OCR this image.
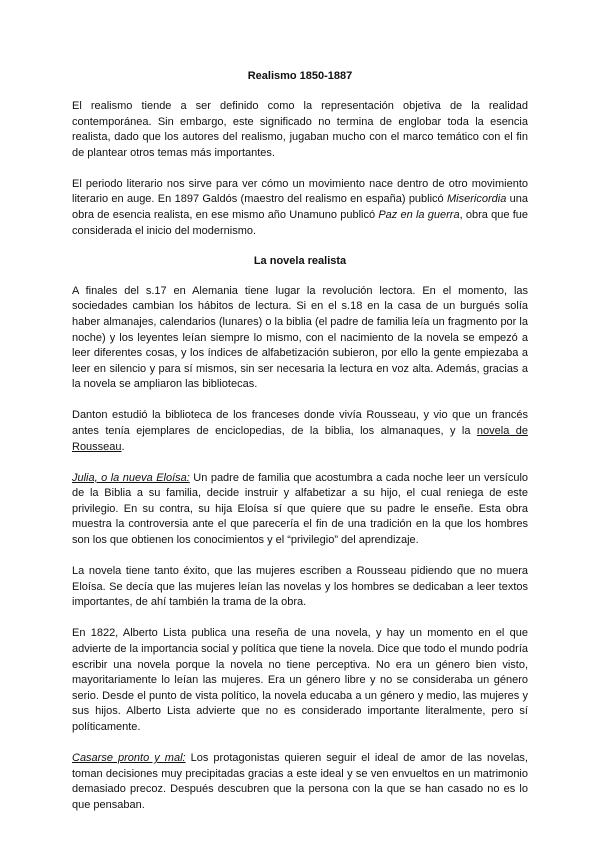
Realismo 1850-1887

El realismo tiende a ser definido como la representación objetiva de la realidad contemporánea. Sin embargo, este significado no termina de englobar toda la esencia realista, dado que los autores del realismo, jugaban mucho con el marco temático con el fin de plantear otros temas más importantes.

El periodo literario nos sirve para ver cómo un movimiento nace dentro de otro movimiento literario en auge. En 1897 Galdós (maestro del realismo en españa) publicó Misericordia una obra de esencia realista, en ese mismo año Unamuno publicó Paz en la guerra, obra que fue considerada el inicio del modernismo.

La novela realista

A finales del s.17 en Alemania tiene lugar la revolución lectora. En el momento, las sociedades cambian los hábitos de lectura. Si en el s.18 en la casa de un burgués solía haber almanajes, calendarios (lunares) o la biblia (el padre de familia leía un fragmento por la noche) y los leyentes leían siempre lo mismo, con el nacimiento de la novela se empezó a leer diferentes cosas, y los índices de alfabetización subieron, por ello la gente empiezaba a leer en silencio y para sí mismos, sin ser necesaria la lectura en voz alta. Además, gracias a la novela se ampliaron las bibliotecas.

Danton estudió la biblioteca de los franceses donde vivía Rousseau, y vio que un francés antes tenía ejemplares de enciclopedias, de la biblia, los almanaques, y la novela de Rousseau.

Julia, o la nueva Eloísa: Un padre de familia que acostumbra a cada noche leer un versículo de la Biblia a su familia, decide instruir y alfabetizar a su hijo, el cual reniega de este privilegio. En su contra, su hija Eloísa sí que quiere que su padre le enseñe. Esta obra muestra la controversia ante el que parecería el fin de una tradición en la que los hombres son los que obtienen los conocimientos y el “privilegio” del aprendizaje.

La novela tiene tanto éxito, que las mujeres escriben a Rousseau pidiendo que no muera Eloísa. Se decía que las mujeres leían las novelas y los hombres se dedicaban a leer textos importantes, de ahí también la trama de la obra.

En 1822, Alberto Lista publica una reseña de una novela, y hay un momento en el que advierte de la importancia social y política que tiene la novela. Dice que todo el mundo podría escribir una novela porque la novela no tiene perceptiva. No era un género bien visto, mayoritariamente lo leían las mujeres. Era un género libre y no se consideraba un género serio. Desde el punto de vista político, la novela educaba a un género y medio, las mujeres y sus hijos. Alberto Lista advierte que no es considerado importante literalmente, pero sí políticamente.

Casarse pronto y mal: Los protagonistas quieren seguir el ideal de amor de las novelas, toman decisiones muy precipitadas gracias a este ideal y se ven envueltos en un matrimonio demasiado precoz. Después descubren que la persona con la que se han casado no es lo que pensaban.
